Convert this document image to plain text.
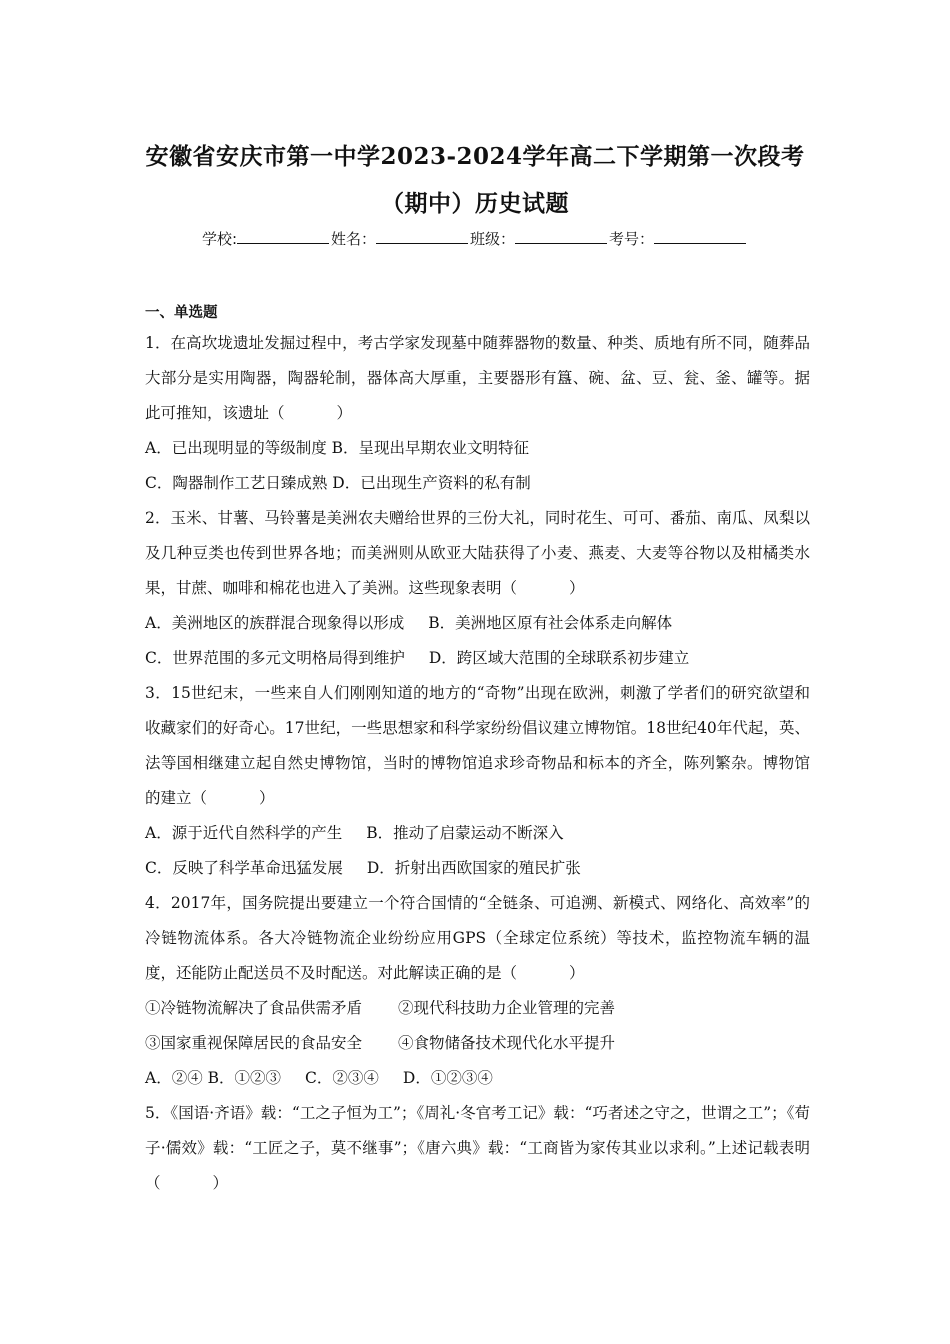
安徽省安庆市第一中学2023-2024学年高二下学期第一次段考
（期中）历史试题
学校:	姓名：	班级：	考号：
一、单选题
1．在高坎垅遗址发掘过程中，考古学家发现墓中随葬器物的数量、种类、质地有所不同，随葬品大部分是实用陶器，陶器轮制，器体高大厚重，主要器形有簋、碗、盆、豆、瓮、釜、罐等。据此可推知，该遗址（	）
A．已出现明显的等级制度 B．呈现出早期农业文明特征
C．陶器制作工艺日臻成熟 D．已出现生产资料的私有制
2．玉米、甘薯、马铃薯是美洲农夫赠给世界的三份大礼，同时花生、可可、番茄、南瓜、凤梨以及几种豆类也传到世界各地；而美洲则从欧亚大陆获得了小麦、燕麦、大麦等谷物以及柑橘类水果，甘蔗、咖啡和棉花也进入了美洲。这些现象表明（	）
A．美洲地区的族群混合现象得以形成 B．美洲地区原有社会体系走向解体
C．世界范围的多元文明格局得到维护 D．跨区域大范围的全球联系初步建立
3．15世纪末，一些来自人们刚刚知道的地方的“奇物”出现在欧洲，刺激了学者们的研究欲望和收藏家们的好奇心。17世纪，一些思想家和科学家纷纷倡议建立博物馆。18世纪40年代起，英、法等国相继建立起自然史博物馆，当时的博物馆追求珍奇物品和标本的齐全，陈列繁杂。博物馆的建立（	）
A．源于近代自然科学的产生 B．推动了启蒙运动不断深入
C．反映了科学革命迅猛发展 D．折射出西欧国家的殖民扩张
4．2017年，国务院提出要建立一个符合国情的“全链条、可追溯、新模式、网络化、高效率”的冷链物流体系。各大冷链物流企业纷纷应用GPS（全球定位系统）等技术，监控物流车辆的温度，还能防止配送员不及时配送。对此解读正确的是（	）
①冷链物流解决了食品供需矛盾 ②现代科技助力企业管理的完善
③国家重视保障居民的食品安全 ④食物储备技术现代化水平提升
A．②④ B．①②③ C．②③④ D．①②③④
5．《国语·齐语》载：“工之子恒为工”；《周礼·冬官考工记》载：“巧者述之守之，世谓之工”；《荀子·儒效》载：“工匠之子，莫不继事”；《唐六典》载：“工商皆为家传其业以求利。”上述记载表明（	）
